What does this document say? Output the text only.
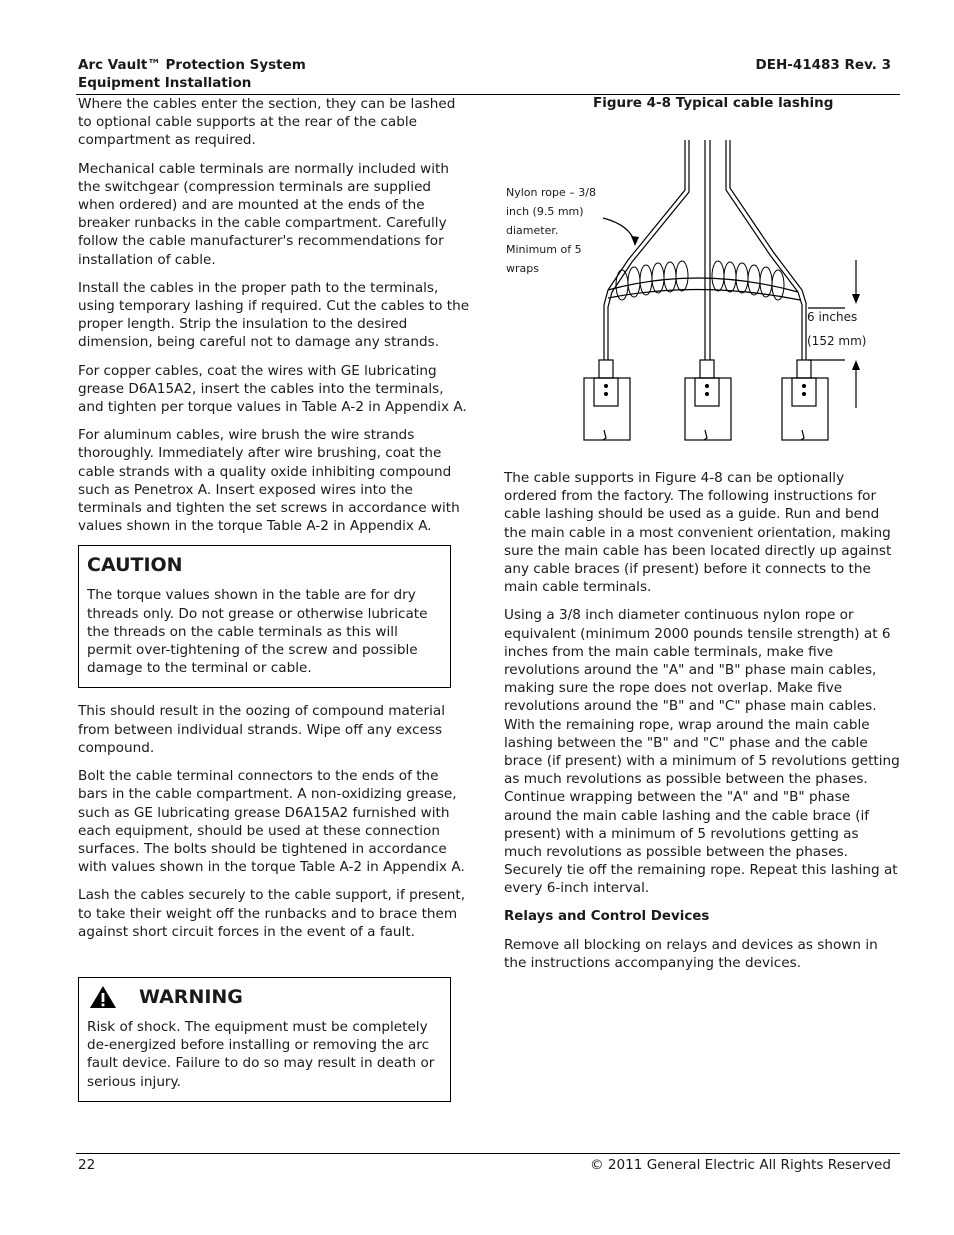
Arc Vault™ Protection System
Equipment Installation
DEH-41483 Rev. 3

Where the cables enter the section, they can be lashed to optional cable supports at the rear of the cable compartment as required.

Mechanical cable terminals are normally included with the switchgear (compression terminals are supplied when ordered) and are mounted at the ends of the breaker runbacks in the cable compartment. Carefully follow the cable manufacturer's recommendations for installation of cable.

Install the cables in the proper path to the terminals, using temporary lashing if required. Cut the cables to the proper length. Strip the insulation to the desired dimension, being careful not to damage any strands.

For copper cables, coat the wires with GE lubricating grease D6A15A2, insert the cables into the terminals, and tighten per torque values in Table A-2 in Appendix A.

For aluminum cables, wire brush the wire strands thoroughly. Immediately after wire brushing, coat the cable strands with a quality oxide inhibiting compound such as Penetrox A. Insert exposed wires into the terminals and tighten the set screws in accordance with values shown in the torque Table A-2 in Appendix A.

CAUTION
The torque values shown in the table are for dry threads only. Do not grease or otherwise lubricate the threads on the cable terminals as this will permit over-tightening of the screw and possible damage to the terminal or cable.

This should result in the oozing of compound material from between individual strands. Wipe off any excess compound.

Bolt the cable terminal connectors to the ends of the bars in the cable compartment. A non-oxidizing grease, such as GE lubricating grease D6A15A2 furnished with each equipment, should be used at these connection surfaces. The bolts should be tightened in accordance with values shown in the torque Table A-2 in Appendix A.

Lash the cables securely to the cable support, if present, to take their weight off the runbacks and to brace them against short circuit forces in the event of a fault.

WARNING
Risk of shock. The equipment must be completely de-energized before installing or removing the arc fault device. Failure to do so may result in death or serious injury.
Figure 4-8 Typical cable lashing
Nylon rope – 3/8
inch (9.5 mm)
diameter.
Minimum of 5
wraps
6 inches
(152 mm)

The cable supports in Figure 4-8 can be optionally ordered from the factory. The following instructions for cable lashing should be used as a guide. Run and bend the main cable in a most convenient orientation, making sure the main cable has been located directly up against any cable braces (if present) before it connects to the main cable terminals.

Using a 3/8 inch diameter continuous nylon rope or equivalent (minimum 2000 pounds tensile strength) at 6 inches from the main cable terminals, make five revolutions around the "A" and "B" phase main cables, making sure the rope does not overlap. Make five revolutions around the "B" and "C" phase main cables. With the remaining rope, wrap around the main cable lashing between the "B" and "C" phase and the cable brace (if present) with a minimum of 5 revolutions getting as much revolutions as possible between the phases. Continue wrapping between the "A" and "B" phase around the main cable lashing and the cable brace (if present) with a minimum of 5 revolutions getting as much revolutions as possible between the phases. Securely tie off the remaining rope. Repeat this lashing at every 6-inch interval.

Relays and Control Devices

Remove all blocking on relays and devices as shown in the instructions accompanying the devices.

22	© 2011 General Electric All Rights Reserved
